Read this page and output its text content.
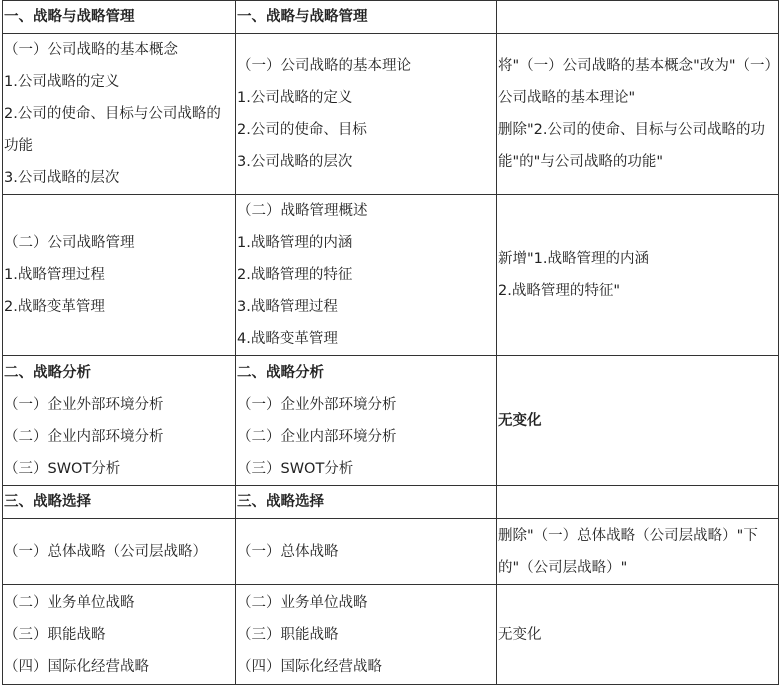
一、战略与战略管理	一、战略与战略管理	

（一）公司战略的基本概念
1.公司战略的定义
2.公司的使命、目标与公司战略的功能
3.公司战略的层次	（一）公司战略的基本理论
1.公司战略的定义
2.公司的使命、目标
3.公司战略的层次	将"（一）公司战略的基本概念"改为"（一）公司战略的基本理论"
删除"2.公司的使命、目标与公司战略的功能"的"与公司战略的功能"

（二）公司战略管理
1.战略管理过程
2.战略变革管理	（二）战略管理概述
1.战略管理的内涵
2.战略管理的特征
3.战略管理过程
4.战略变革管理	新增"1.战略管理的内涵
2.战略管理的特征"

二、战略分析
（一）企业外部环境分析
（二）企业内部环境分析
（三）SWOT分析	二、战略分析
（一）企业外部环境分析
（二）企业内部环境分析
（三）SWOT分析	无变化

三、战略选择	三、战略选择	

（一）总体战略（公司层战略）	（一）总体战略	删除"（一）总体战略（公司层战略）"下的"（公司层战略）"

（二）业务单位战略
（三）职能战略
（四）国际化经营战略	（二）业务单位战略
（三）职能战略
（四）国际化经营战略	无变化
